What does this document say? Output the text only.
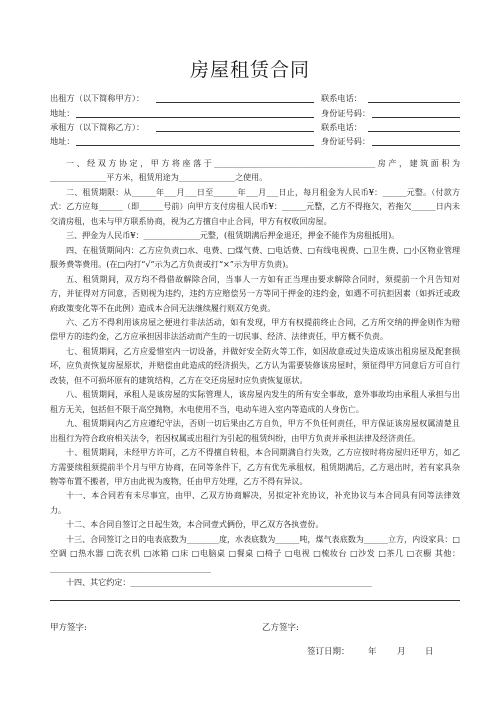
房屋租赁合同
出租方（以下简称甲方）：	联系电话：
地址：	身份证号码：
承租方（以下简称乙方）：	联系电话：
地址：	身份证号码：

一、经双方协定，甲方将座落于________________________________________房产，建筑面积为______________平方米，租赁用途为______________之使用。

二、租赁期限：从______年___月___日至______年___月___日止，每月租金为人民币¥：______元整。（付款方式：乙方应每______（即______号前）向甲方支付房租人民币¥：______元整，乙方不得拖欠，若拖欠______日内未交清房租，也未与甲方联系协商，视为乙方擅自中止合同，甲方有权收回房屋。

三、押金为人民币¥：______________元整，(租赁期满后押金退还，押金不能作为房租抵用)。

四、在租赁期间内：乙方应负责□水、电费、□煤气费、□电话费、□有线电视费、□卫生费、□小区物业管理服务费等费用。(在□内打“√”示为乙方负责或打“×”示为甲方负责)。

五、租赁期间，双方均不得借故解除合同，当事人一方如有正当理由要求解除合同时，须提前一个月告知对方，并征得对方同意，否则视为违约，违约方应赔偿另一方等同于押金的违约金，如遇不可抗拒因素（如拆迁或政府政策变化等不在此例）造成本合同无法继续履行则双方免责。

六、乙方不得利用该房屋之便进行非法活动，如有发现，甲方有权提前终止合同，乙方所交纳的押金则作为赔偿甲方的违约金，乙方应承担因非法活动而产生的一切民事、经济、法律责任，甲方概不负责。

七、租赁期间，乙方应爱惜室内一切设备，并做好安全防火等工作，如因故意或过失造成该出租房屋及配套损坏，应负责恢复房屋原状，并赔偿由此造成的经济损失，乙方认为需要装修该房屋时，须征得甲方同意后方可自行改装，但不可损坏原有的建筑结构，乙方在交还房屋时应负责恢复原状。

八、租赁期间，承租人是该房屋的实际管理人，该房屋内发生的所有安全事故，意外事故均由承租人承担与出租方无关，包括但不限于高空抛物，水电使用不当，电动车进入室内等造成的人身伤亡。

九、租赁期间内乙方应遵纪守法，否则一切后果由乙方自负，甲方不负任何责任，甲方保证该房屋权属清楚且出租行为符合政府相关法令，若因权属或出租行为引起的租赁纠纷，由甲方负责并承担法律及经济责任。

十、租赁期间，未经甲方许可，乙方不得擅自转租，本合同期满自行失效，乙方应按时将房屋归还甲方，如乙方需要续租须提前半个月与甲方协商，在同等条件下，乙方有优先承租权，租赁期满后，乙方退出时，若有家具杂物等布置不搬者，甲方由此视为废物，任由甲方处理，乙方不得有异议。

十一、本合同若有未尽事宜，由甲、乙双方协商解决，另拟定补充协议，补充协议与本合同具有同等法律效力。

十二、本合同自签订之日起生效，本合同壹式俩份，甲乙双方各执壹份。

十三、合同签订之日的电表底数为________度，水表底数为______吨，煤气表底数为______立方，内设家具：□空调 □热水器 □洗衣机 □冰箱 □床 □电脑桌 □餐桌 □椅子 □电视 □梳妆台 □沙发 □茶几 □衣橱 其他：________________________________________

十四、其它约定：____________________________________________________________

甲方签字:	乙方签字:
签订日期： 年 月 日
